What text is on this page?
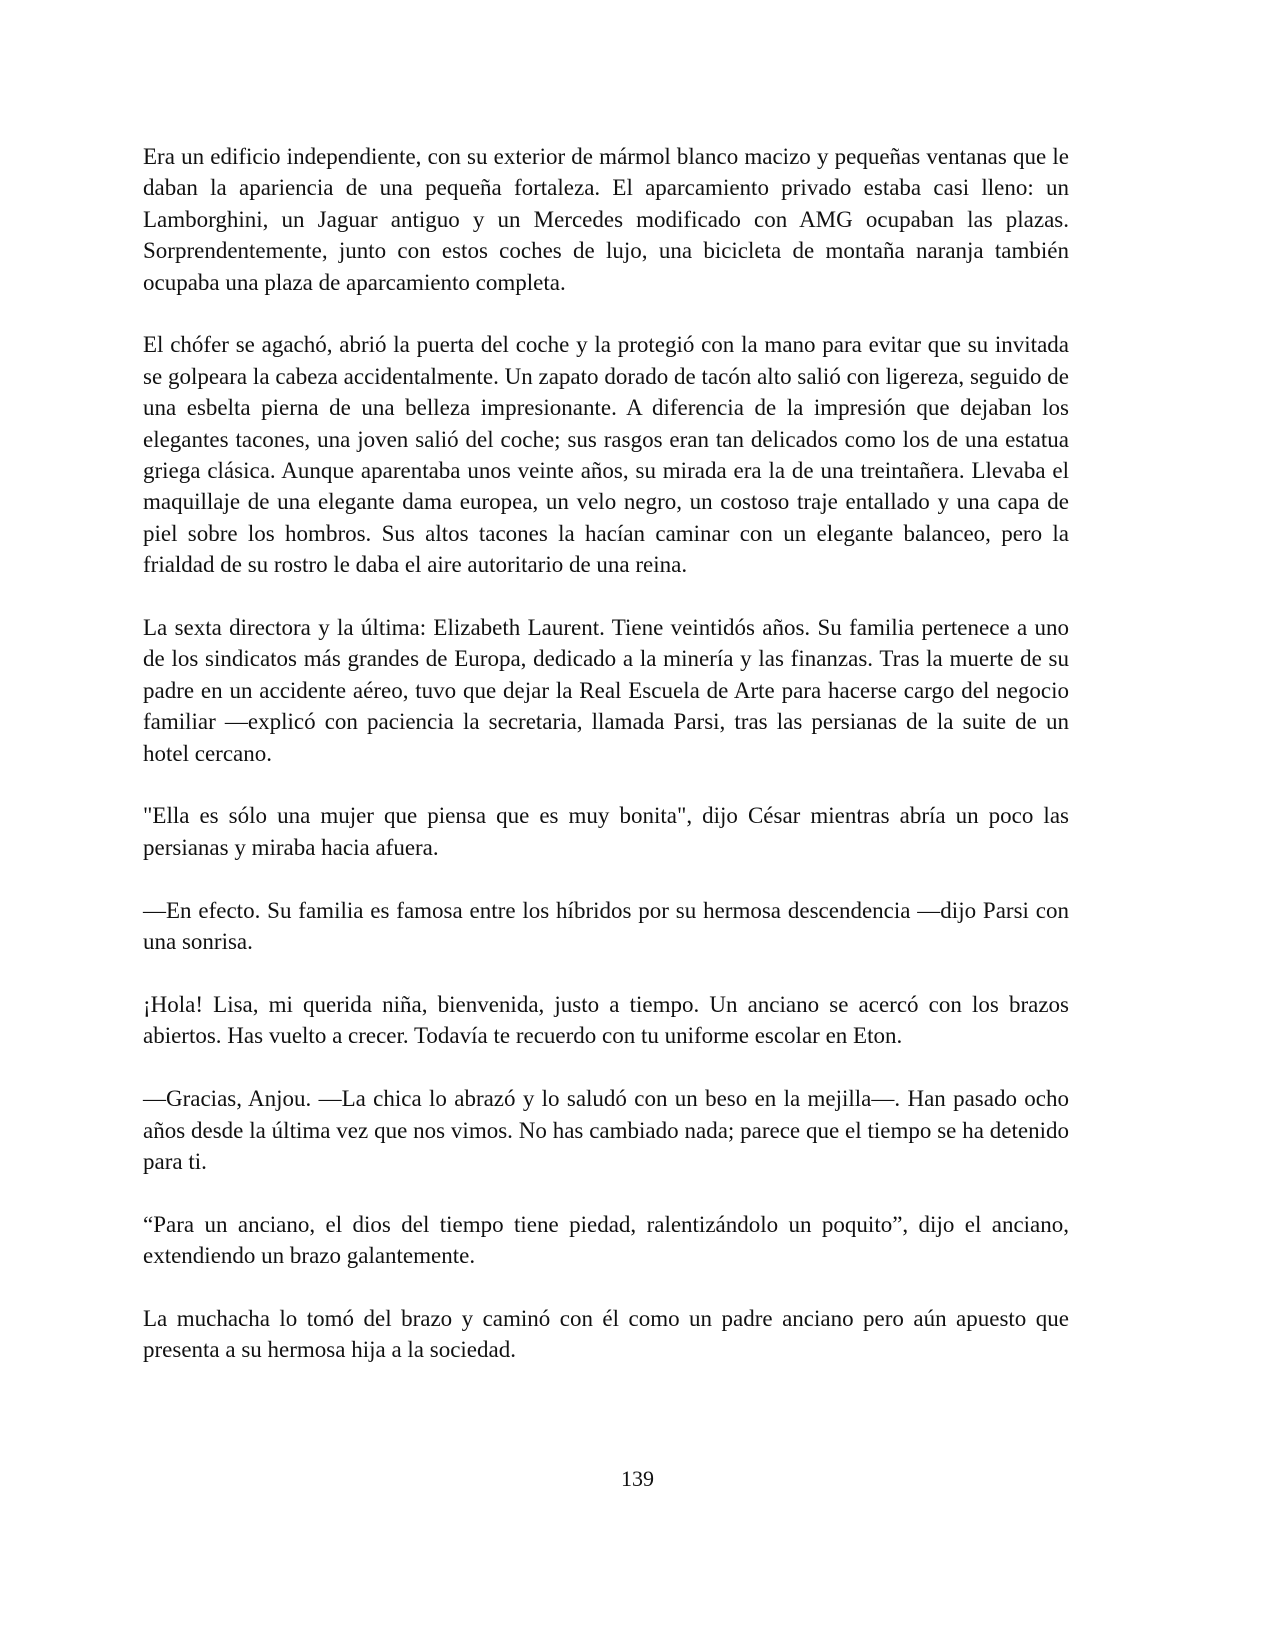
Era un edificio independiente, con su exterior de mármol blanco macizo y pequeñas ventanas que le daban la apariencia de una pequeña fortaleza. El aparcamiento privado estaba casi lleno: un Lamborghini, un Jaguar antiguo y un Mercedes modificado con AMG ocupaban las plazas. Sorprendentemente, junto con estos coches de lujo, una bicicleta de montaña naranja también ocupaba una plaza de aparcamiento completa.

El chófer se agachó, abrió la puerta del coche y la protegió con la mano para evitar que su invitada se golpeara la cabeza accidentalmente. Un zapato dorado de tacón alto salió con ligereza, seguido de una esbelta pierna de una belleza impresionante. A diferencia de la impresión que dejaban los elegantes tacones, una joven salió del coche; sus rasgos eran tan delicados como los de una estatua griega clásica. Aunque aparentaba unos veinte años, su mirada era la de una treintañera. Llevaba el maquillaje de una elegante dama europea, un velo negro, un costoso traje entallado y una capa de piel sobre los hombros. Sus altos tacones la hacían caminar con un elegante balanceo, pero la frialdad de su rostro le daba el aire autoritario de una reina.

La sexta directora y la última: Elizabeth Laurent. Tiene veintidós años. Su familia pertenece a uno de los sindicatos más grandes de Europa, dedicado a la minería y las finanzas. Tras la muerte de su padre en un accidente aéreo, tuvo que dejar la Real Escuela de Arte para hacerse cargo del negocio familiar —explicó con paciencia la secretaria, llamada Parsi, tras las persianas de la suite de un hotel cercano.

"Ella es sólo una mujer que piensa que es muy bonita", dijo César mientras abría un poco las persianas y miraba hacia afuera.

—En efecto. Su familia es famosa entre los híbridos por su hermosa descendencia —dijo Parsi con una sonrisa.

¡Hola! Lisa, mi querida niña, bienvenida, justo a tiempo. Un anciano se acercó con los brazos abiertos. Has vuelto a crecer. Todavía te recuerdo con tu uniforme escolar en Eton.

—Gracias, Anjou. —La chica lo abrazó y lo saludó con un beso en la mejilla—. Han pasado ocho años desde la última vez que nos vimos. No has cambiado nada; parece que el tiempo se ha detenido para ti.

“Para un anciano, el dios del tiempo tiene piedad, ralentizándolo un poquito”, dijo el anciano, extendiendo un brazo galantemente.

La muchacha lo tomó del brazo y caminó con él como un padre anciano pero aún apuesto que presenta a su hermosa hija a la sociedad.

139
